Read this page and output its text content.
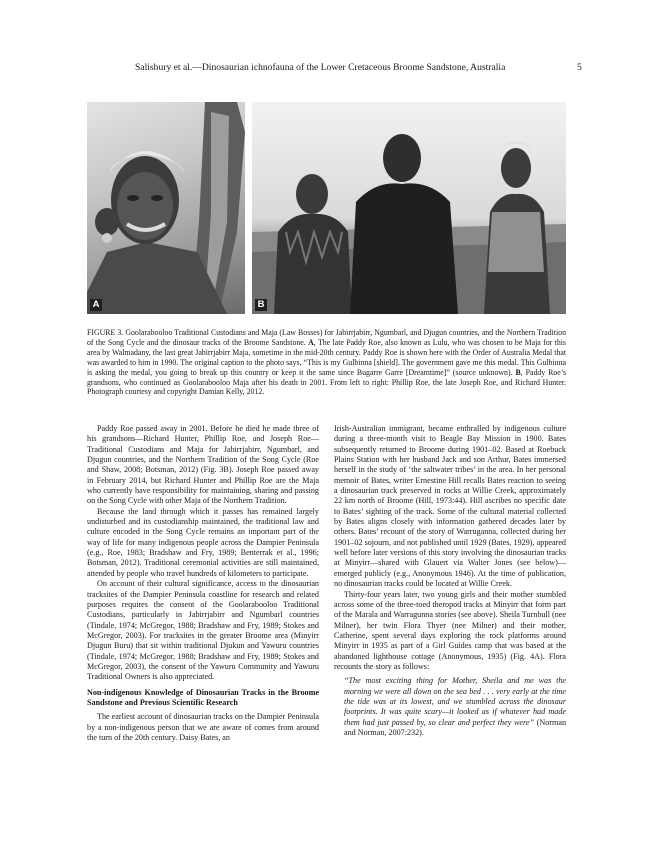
Salisbury et al.—Dinosaurian ichnofauna of the Lower Cretaceous Broome Sandstone, Australia	5
A	B
FIGURE 3. Goolarabooloo Traditional Custodians and Maja (Law Bosses) for Jabirrjabirr, Ngumbarl, and Djugun countries, and the Northern Tradition of the Song Cycle and the dinosaur tracks of the Broome Sandstone. A, The late Paddy Roe, also known as Lulu, who was chosen to be Maja for this area by Walmadany, the last great Jabirrjabirr Maja, sometime in the mid-20th century. Paddy Roe is shown here with the Order of Australia Medal that was awarded to him in 1990. The original caption to the photo says, “This is my Gulbinna [shield]. The government gave me this medal. This Gulbinna is asking the medal, you going to break up this country or keep it the same since Bugarre Garre [Dreamtime]” (source unknown). B, Paddy Roe’s grandsons, who continued as Goolarabooloo Maja after his death in 2001. From left to right: Phillip Roe, the late Joseph Roe, and Richard Hunter. Photograph courtesy and copyright Damian Kelly, 2012.

Paddy Roe passed away in 2001. Before he died he made three of his grandsons—Richard Hunter, Phillip Roe, and Joseph Roe—Traditional Custodians and Maja for Jabirrjabirr, Ngumbarl, and Djugun countries, and the Northern Tradition of the Song Cycle (Roe and Shaw, 2008; Botsman, 2012) (Fig. 3B). Joseph Roe passed away in February 2014, but Richard Hunter and Phillip Roe are the Maja who currently have responsibility for maintaining, sharing and passing on the Song Cycle with other Maja of the Northern Tradition.

Because the land through which it passes has remained largely undisturbed and its custodianship maintained, the traditional law and culture encoded in the Song Cycle remains an important part of the way of life for many indigenous people across the Dampier Peninsula (e.g., Roe, 1983; Bradshaw and Fry, 1989; Benterrak et al., 1996; Botsman, 2012). Traditional ceremonial activities are still maintained, attended by people who travel hundreds of kilometers to participate.

On account of their cultural significance, access to the dinosaurian tracksites of the Dampier Peninsula coastline for research and related purposes requires the consent of the Goolarabooloo Traditional Custodians, particularly in Jabirrjabirr and Ngumbarl countries (Tindale, 1974; McGregor, 1988; Bradshaw and Fry, 1989; Stokes and McGregor, 2003). For tracksites in the greater Broome area (Minyirr Djugun Buru) that sit within traditional Djukun and Yawuru countries (Tindale, 1974; McGregor, 1988; Bradshaw and Fry, 1989; Stokes and McGregor, 2003), the consent of the Yawuru Community and Yawuru Traditional Owners is also appreciated.

Non-indigenous Knowledge of Dinosaurian Tracks in the Broome Sandstone and Previous Scientific Research

The earliest account of dinosaurian tracks on the Dampier Peninsula by a non-indigenous person that we are aware of comes from around the turn of the 20th century. Daisy Bates, an

Irish-Australian immigrant, became enthralled by indigenous culture during a three-month visit to Beagle Bay Mission in 1900. Bates subsequently returned to Broome during 1901–02. Based at Roebuck Plains Station with her husband Jack and son Arthur, Bates immersed herself in the study of ‘the saltwater tribes’ in the area. In her personal memoir of Bates, writer Ernestine Hill recalls Bates reaction to seeing a dinosaurian track preserved in rocks at Willie Creek, approximately 22 km north of Broome (Hill, 1973:44). Hill ascribes no specific date to Bates’ sighting of the track. Some of the cultural material collected by Bates aligns closely with information gathered decades later by others. Bates’ recount of the story of Warruganna, collected during her 1901–02 sojourn, and not published until 1929 (Bates, 1929), appeared well before later versions of this story involving the dinosaurian tracks at Minyirr—shared with Glauert via Walter Jones (see below)—emerged publicly (e.g., Anonymous 1946). At the time of publication, no dinosaurian tracks could be located at Willie Creek.

Thirty-four years later, two young girls and their mother stumbled across some of the three-toed theropod tracks at Minyirr that form part of the Marala and Warragunna stories (see above). Sheila Turnbull (nee Milner), her twin Flora Thyer (nee Milner) and their mother, Catherine, spent several days exploring the rock platforms around Minyirr in 1935 as part of a Girl Guides camp that was based at the abandoned lighthouse cottage (Anonymous, 1935) (Fig. 4A). Flora recounts the story as follows:

“The most exciting thing for Mother, Sheila and me was the morning we were all down on the sea bed . . . very early at the time the tide was at its lowest, and we stumbled across the dinosaur footprints. It was quite scary—it looked as if whatever had made them had just passed by, so clear and perfect they were” (Norman and Norman, 2007:232).
